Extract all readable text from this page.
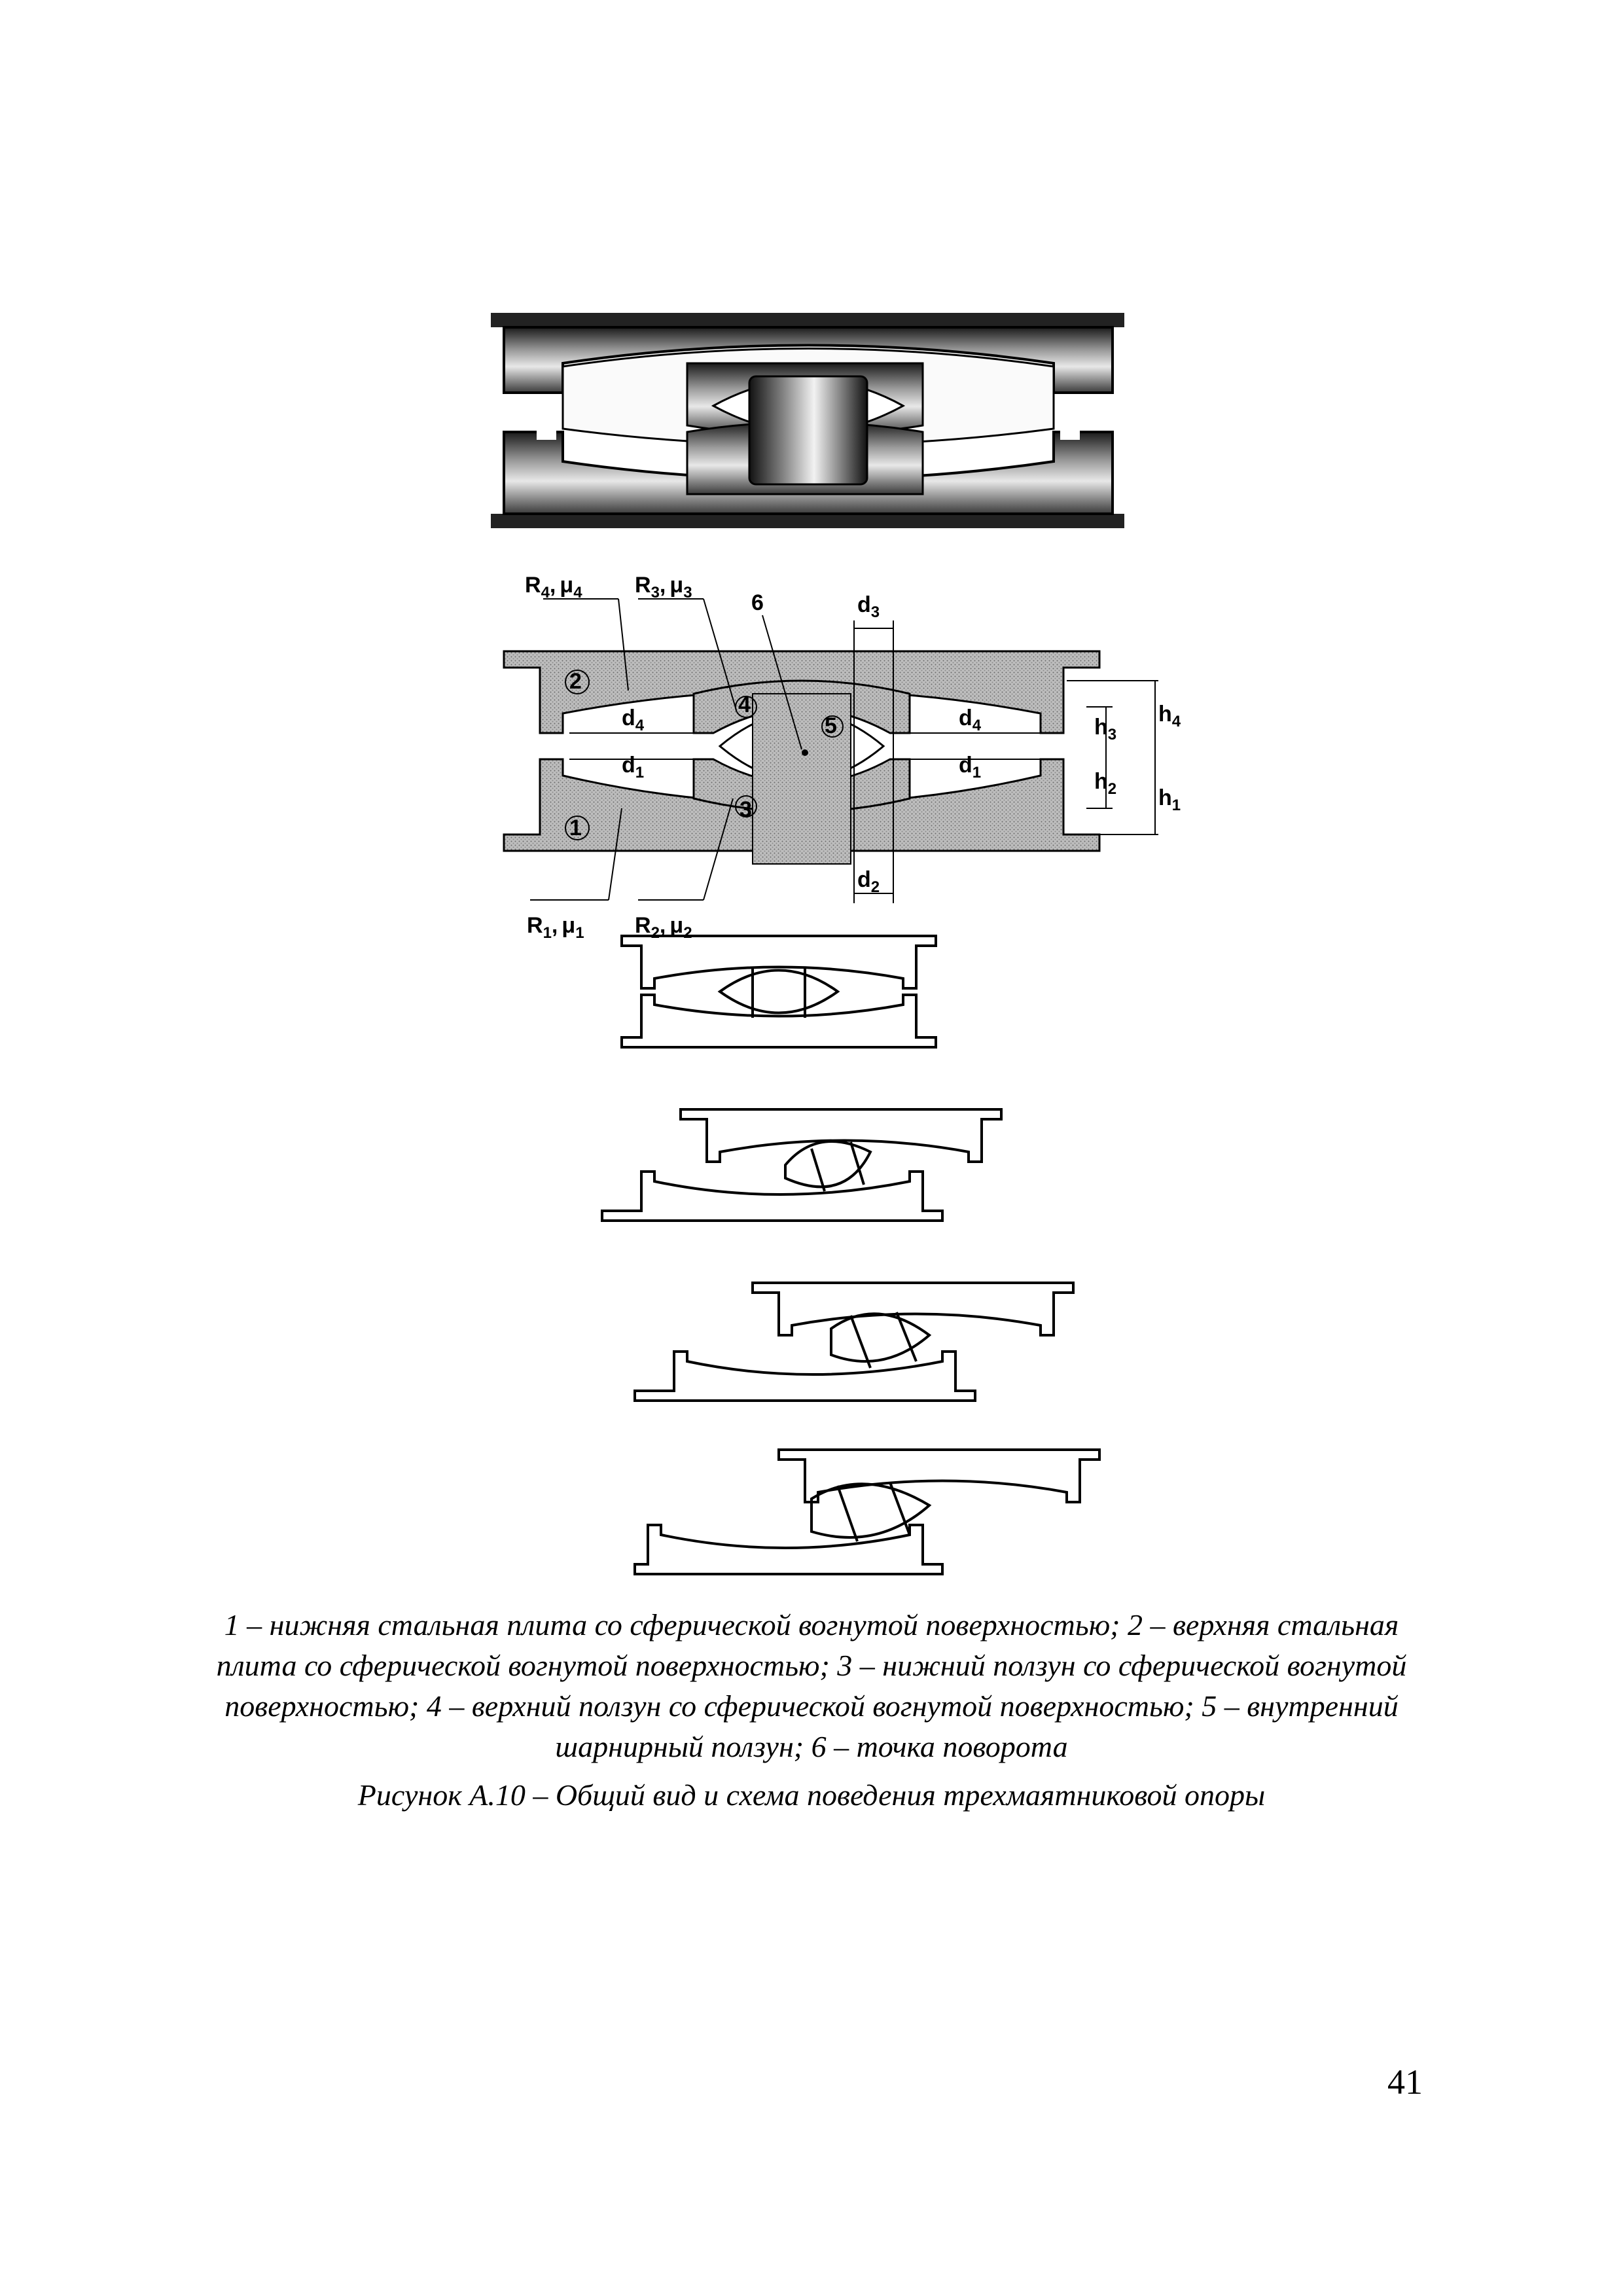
$R_4$, $\mu_4$ $R_3$, $\mu_3$	6	$d_3$
2
4
5
$d_4$	$d_4$
$d_1$	$d_1$
$h_3$
$h_2$
$h_4$
$h_1$
3
1
$d_2$
$R_1$, $\mu_1$ $R_2$, $\mu_2$
1 – нижняя стальная плита со сферической вогнутой поверхностью; 2 – верхняя стальная плита со сферической вогнутой поверхностью; 3 – нижний ползун со сферической вогнутой поверхностью; 4 – верхний ползун со сферической вогнутой поверхностью; 5 – внутренний шарнирный ползун; 6 – точка поворота
Рисунок А.10 – Общий вид и схема поведения трехмаятниковой опоры
41
